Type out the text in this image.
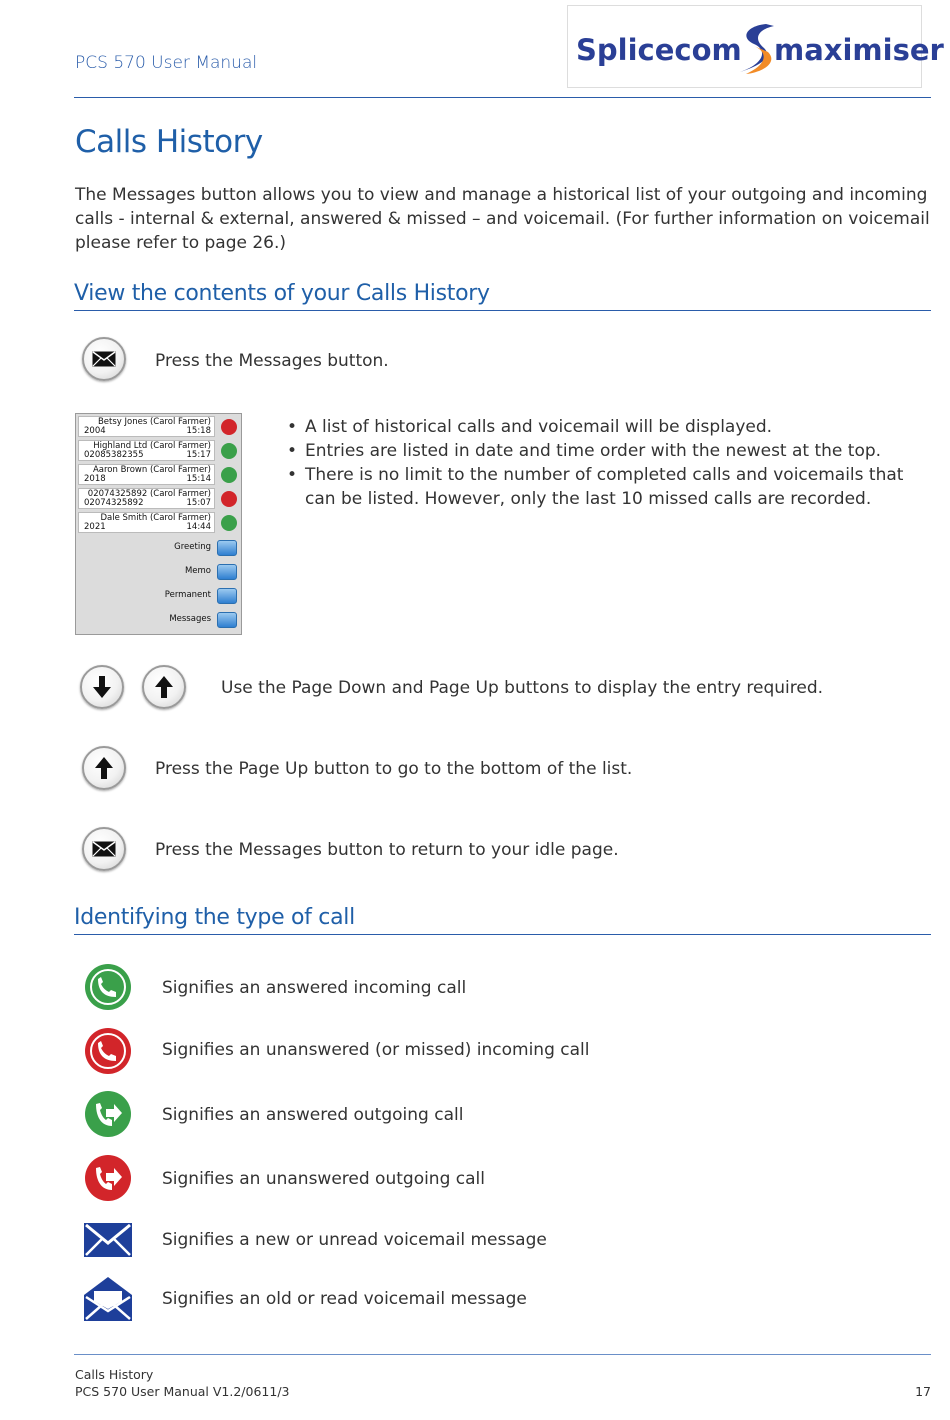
PCS 570 User Manual	Splicecom maximiser
Calls History
The Messages button allows you to view and manage a historical list of your outgoing and incoming calls - internal & external, answered & missed – and voicemail. (For further information on voicemail please refer to page 26.)
View the contents of your Calls History
Press the Messages button.
Betsy Jones (Carol Farmer)
2004	15:18
Highland Ltd (Carol Farmer)
02085382355	15:17
Aaron Brown (Carol Farmer)
2018	15:14
02074325892 (Carol Farmer)
02074325892	15:07
Dale Smith (Carol Farmer)
2021	14:44
Greeting
Memo
Permanent
Messages
• A list of historical calls and voicemail will be displayed.
• Entries are listed in date and time order with the newest at the top.
• There is no limit to the number of completed calls and voicemails that can be listed. However, only the last 10 missed calls are recorded.
Use the Page Down and Page Up buttons to display the entry required.
Press the Page Up button to go to the bottom of the list.
Press the Messages button to return to your idle page.
Identifying the type of call
Signifies an answered incoming call
Signifies an unanswered (or missed) incoming call
Signifies an answered outgoing call
Signifies an unanswered outgoing call
Signifies a new or unread voicemail message
Signifies an old or read voicemail message
Calls History
PCS 570 User Manual V1.2/0611/3	17
